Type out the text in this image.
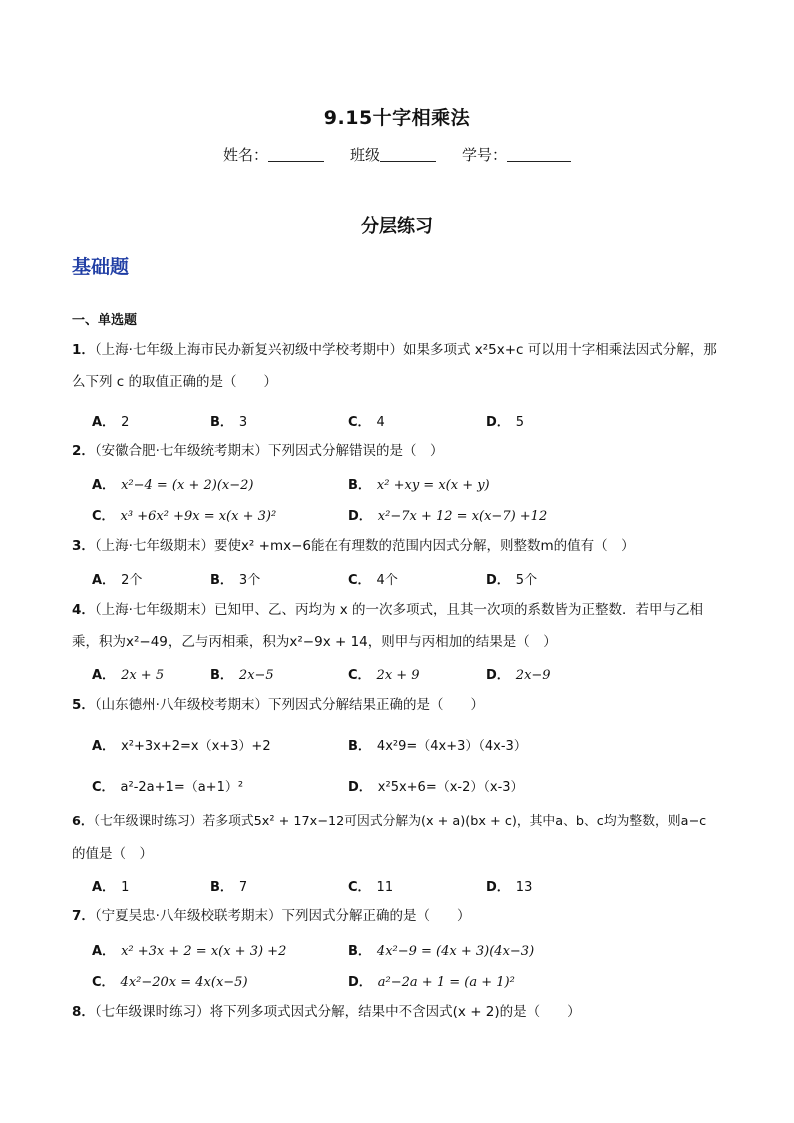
9.15十字相乘法
姓名：	班级	学号：
分层练习
基础题
一、单选题
1．（上海·七年级上海市民办新复兴初级中学校考期中）如果多项式 x²5x+c 可以用十字相乘法因式分解，那
么下列 c 的取值正确的是（　　）
A． 2	B． 3	C． 4	D． 5
2．（安徽合肥·七年级统考期末）下列因式分解错误的是（　）
A． x²−4 = (x + 2)(x−2)	B． x² +xy = x(x + y)
C． x³ +6x² +9x = x(x + 3)²	D． x²−7x + 12 = x(x−7) +12
3．（上海·七年级期末）要使x² +mx−6能在有理数的范围内因式分解，则整数m的值有（　）
A． 2个	B． 3个	C． 4个	D． 5个
4．（上海·七年级期末）已知甲、乙、丙均为 x 的一次多项式，且其一次项的系数皆为正整数．若甲与乙相
乘，积为x²−49，乙与丙相乘，积为x²−9x + 14，则甲与丙相加的结果是（　）
A． 2x + 5	B． 2x−5	C． 2x + 9	D． 2x−9
5．（山东德州·八年级校考期末）下列因式分解结果正确的是（　　）
A． x²+3x+2=x（x+3）+2	B． 4x²9=（4x+3）（4x-3）
C． a²-2a+1=（a+1）²	D． x²5x+6=（x-2）（x-3）
6．（七年级课时练习）若多项式5x² + 17x−12可因式分解为(x + a)(bx + c)，其中a、b、c均为整数，则a−c
的值是（　）
A． 1	B． 7	C． 11	D． 13
7．（宁夏吴忠·八年级校联考期末）下列因式分解正确的是（　　）
A． x² +3x + 2 = x(x + 3) +2	B． 4x²−9 = (4x + 3)(4x−3)
C． 4x²−20x = 4x(x−5)	D． a²−2a + 1 = (a + 1)²
8．（七年级课时练习）将下列多项式因式分解，结果中不含因式(x + 2)的是（　　）
